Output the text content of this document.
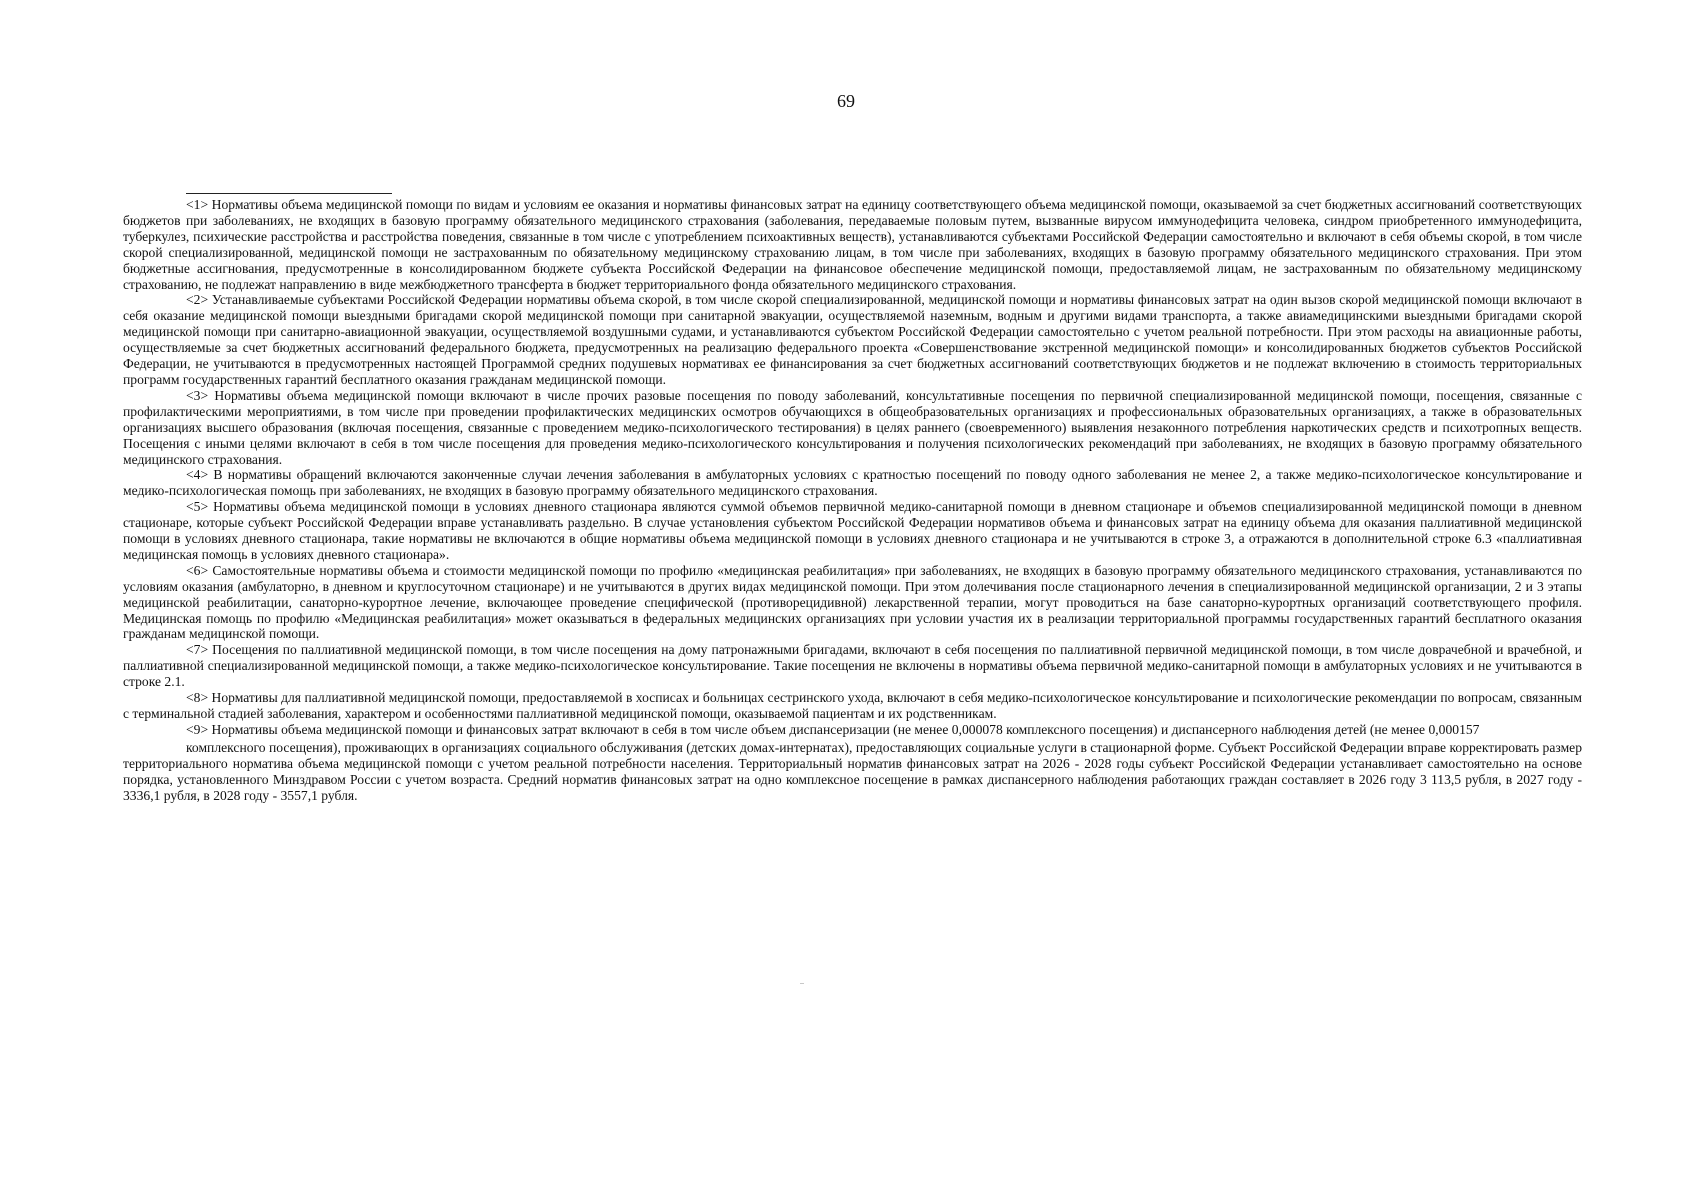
69

<1> Нормативы объема медицинской помощи по видам и условиям ее оказания и нормативы финансовых затрат на единицу соответствующего объема медицинской помощи, оказываемой за счет бюджетных ассигнований соответствующих бюджетов при заболеваниях, не входящих в базовую программу обязательного медицинского страхования (заболевания, передаваемые половым путем, вызванные вирусом иммунодефицита человека, синдром приобретенного иммунодефицита, туберкулез, психические расстройства и расстройства поведения, связанные в том числе с употреблением психоактивных веществ), устанавливаются субъектами Российской Федерации самостоятельно и включают в себя объемы скорой, в том числе скорой специализированной, медицинской помощи не застрахованным по обязательному медицинскому страхованию лицам, в том числе при заболеваниях, входящих в базовую программу обязательного медицинского страхования. При этом бюджетные ассигнования, предусмотренные в консолидированном бюджете субъекта Российской Федерации на финансовое обеспечение медицинской помощи, предоставляемой лицам, не застрахованным по обязательному медицинскому страхованию, не подлежат направлению в виде межбюджетного трансферта в бюджет территориального фонда обязательного медицинского страхования.

<2> Устанавливаемые субъектами Российской Федерации нормативы объема скорой, в том числе скорой специализированной, медицинской помощи и нормативы финансовых затрат на один вызов скорой медицинской помощи включают в себя оказание медицинской помощи выездными бригадами скорой медицинской помощи при санитарной эвакуации, осуществляемой наземным, водным и другими видами транспорта, а также авиамедицинскими выездными бригадами скорой медицинской помощи при санитарно-авиационной эвакуации, осуществляемой воздушными судами, и устанавливаются субъектом Российской Федерации самостоятельно с учетом реальной потребности. При этом расходы на авиационные работы, осуществляемые за счет бюджетных ассигнований федерального бюджета, предусмотренных на реализацию федерального проекта «Совершенствование экстренной медицинской помощи» и консолидированных бюджетов субъектов Российской Федерации, не учитываются в предусмотренных настоящей Программой средних подушевых нормативах ее финансирования за счет бюджетных ассигнований соответствующих бюджетов и не подлежат включению в стоимость территориальных программ государственных гарантий бесплатного оказания гражданам медицинской помощи.

<3> Нормативы объема медицинской помощи включают в числе прочих разовые посещения по поводу заболеваний, консультативные посещения по первичной специализированной медицинской помощи, посещения, связанные с профилактическими мероприятиями, в том числе при проведении профилактических медицинских осмотров обучающихся в общеобразовательных организациях и профессиональных образовательных организациях, а также в образовательных организациях высшего образования (включая посещения, связанные с проведением медико-психологического тестирования) в целях раннего (своевременного) выявления незаконного потребления наркотических средств и психотропных веществ. Посещения с иными целями включают в себя в том числе посещения для проведения медико-психологического консультирования и получения психологических рекомендаций при заболеваниях, не входящих в базовую программу обязательного медицинского страхования.

<4> В нормативы обращений включаются законченные случаи лечения заболевания в амбулаторных условиях с кратностью посещений по поводу одного заболевания не менее 2, а также медико-психологическое консультирование и медико-психологическая помощь при заболеваниях, не входящих в базовую программу обязательного медицинского страхования.

<5> Нормативы объема медицинской помощи в условиях дневного стационара являются суммой объемов первичной медико-санитарной помощи в дневном стационаре и объемов специализированной медицинской помощи в дневном стационаре, которые субъект Российской Федерации вправе устанавливать раздельно. В случае установления субъектом Российской Федерации нормативов объема и финансовых затрат на единицу объема для оказания паллиативной медицинской помощи в условиях дневного стационара, такие нормативы не включаются в общие нормативы объема медицинской помощи в условиях дневного стационара и не учитываются в строке 3, а отражаются в дополнительной строке 6.3 «паллиативная медицинская помощь в условиях дневного стационара».

<6> Самостоятельные нормативы объема и стоимости медицинской помощи по профилю «медицинская реабилитация» при заболеваниях, не входящих в базовую программу обязательного медицинского страхования, устанавливаются по условиям оказания (амбулаторно, в дневном и круглосуточном стационаре) и не учитываются в других видах медицинской помощи. При этом долечивания после стационарного лечения в специализированной медицинской организации, 2 и 3 этапы медицинской реабилитации, санаторно-курортное лечение, включающее проведение специфической (противорецидивной) лекарственной терапии, могут проводиться на базе санаторно-курортных организаций соответствующего профиля. Медицинская помощь по профилю «Медицинская реабилитация» может оказываться в федеральных медицинских организациях при условии участия их в реализации территориальной программы государственных гарантий бесплатного оказания гражданам медицинской помощи.

<7> Посещения по паллиативной медицинской помощи, в том числе посещения на дому патронажными бригадами, включают в себя посещения по паллиативной первичной медицинской помощи, в том числе доврачебной и врачебной, и паллиативной специализированной медицинской помощи, а также медико-психологическое консультирование. Такие посещения не включены в нормативы объема первичной медико-санитарной помощи в амбулаторных условиях и не учитываются в строке 2.1.

<8> Нормативы для паллиативной медицинской помощи, предоставляемой в хосписах и больницах сестринского ухода, включают в себя медико-психологическое консультирование и психологические рекомендации по вопросам, связанным с терминальной стадией заболевания, характером и особенностями паллиативной медицинской помощи, оказываемой пациентам и их родственникам.

<9> Нормативы объема медицинской помощи и финансовых затрат включают в себя в том числе объем диспансеризации (не менее 0,000078 комплексного посещения) и диспансерного наблюдения детей (не менее 0,000157

комплексного посещения), проживающих в организациях социального обслуживания (детских домах-интернатах), предоставляющих социальные услуги в стационарной форме. Субъект Российской Федерации вправе корректировать размер территориального норматива объема медицинской помощи с учетом реальной потребности населения. Территориальный норматив финансовых затрат на 2026 - 2028 годы субъект Российской Федерации устанавливает самостоятельно на основе порядка, установленного Минздравом России с учетом возраста. Средний норматив финансовых затрат на одно комплексное посещение в рамках диспансерного наблюдения работающих граждан составляет в 2026 году 3 113,5 рубля, в 2027 году - 3336,1 рубля, в 2028 году - 3557,1 рубля.
